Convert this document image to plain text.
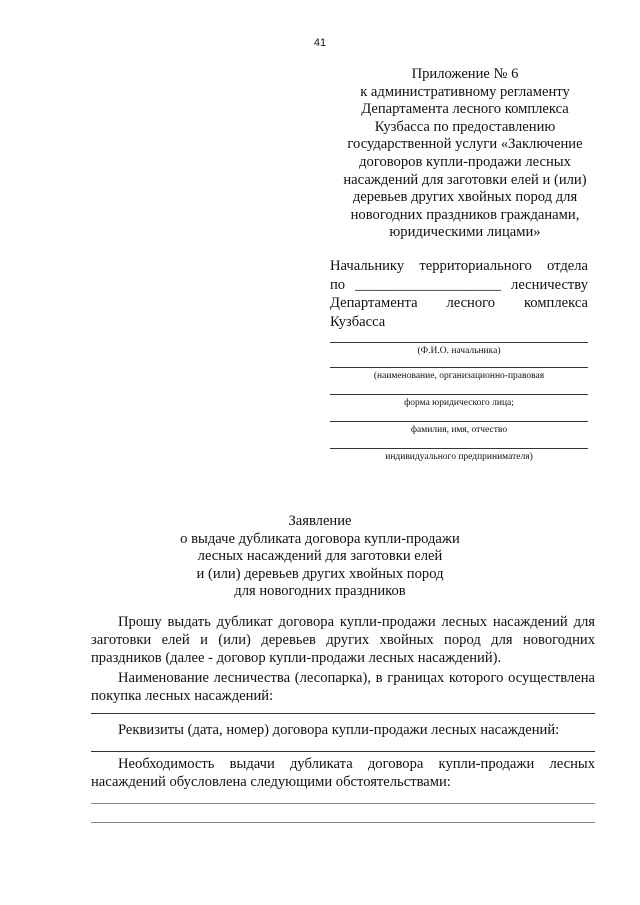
41
Приложение № 6
к административному регламенту
Департамента лесного комплекса
Кузбасса по предоставлению
государственной услуги «Заключение
договоров купли-продажи лесных
насаждений для заготовки елей и (или)
деревьев других хвойных пород для
новогодних праздников гражданами,
юридическими лицами»
Начальнику территориального отдела
по ____________________ лесничеству
Департамента лесного комплекса
Кузбасса
(Ф.И.О. начальника)
(наименование, организационно-правовая
форма юридического лица;
фамилия, имя, отчество
индивидуального предпринимателя)
Заявление
о выдаче дубликата договора купли-продажи
лесных насаждений для заготовки елей
и (или) деревьев других хвойных пород
для новогодних праздников
Прошу выдать дубликат договора купли-продажи лесных насаждений для заготовки елей и (или) деревьев других хвойных пород для новогодних праздников (далее - договор купли-продажи лесных насаждений).
Наименование лесничества (лесопарка), в границах которого осуществлена покупка лесных насаждений:
Реквизиты (дата, номер) договора купли-продажи лесных насаждений:
Необходимость выдачи дубликата договора купли-продажи лесных насаждений обусловлена следующими обстоятельствами:
